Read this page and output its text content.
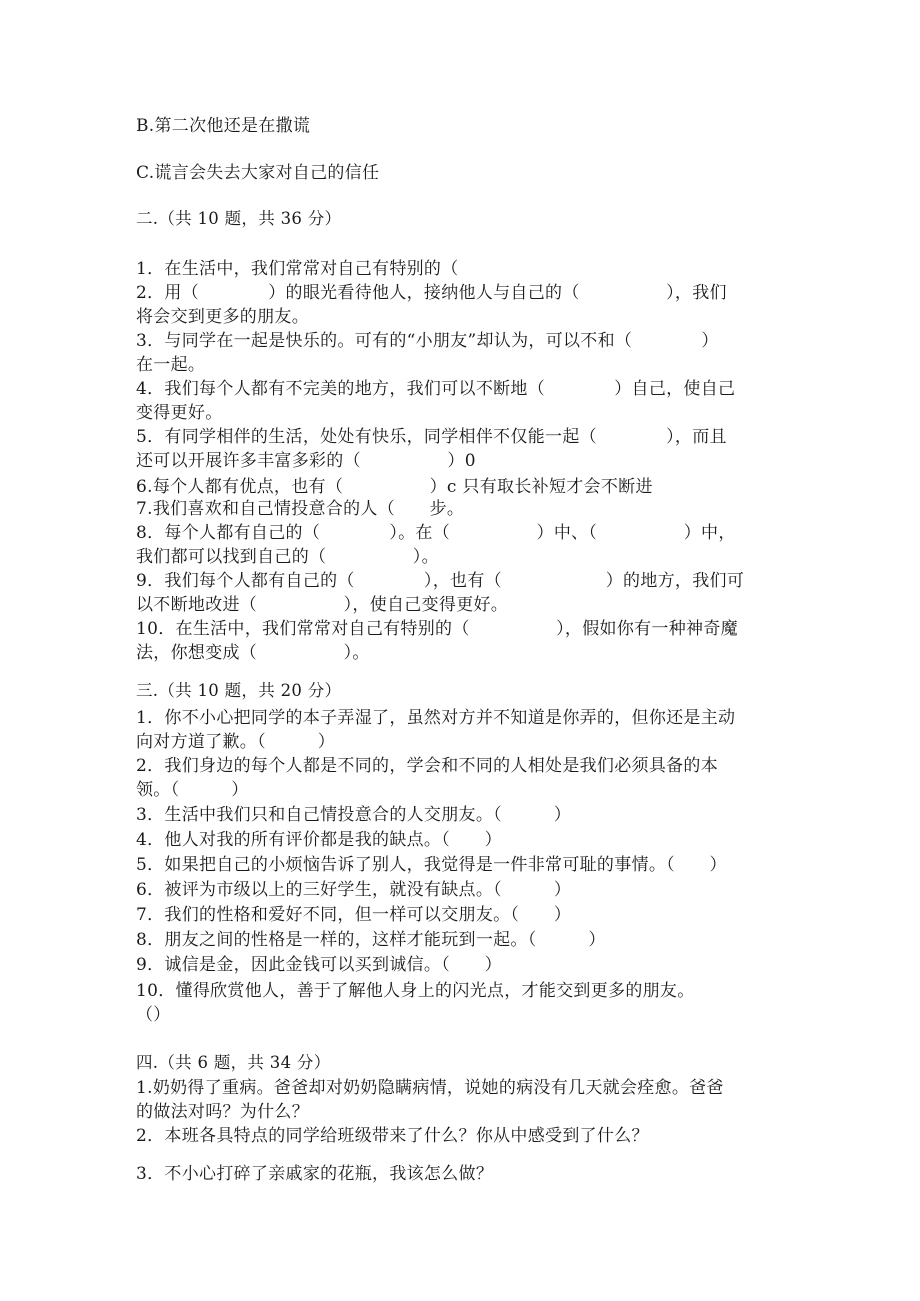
B.第二次他还是在撒谎
C.谎言会失去大家对自己的信任
二.（共 10 题，共 36 分）
1．在生活中，我们常常对自己有特别的（
2．用（　　　　）的眼光看待他人，接纳他人与自己的（　　　　　），我们
将会交到更多的朋友。
3．与同学在一起是快乐的。可有的“小朋友”却认为，可以不和（　　　　）
在一起。
4．我们每个人都有不完美的地方，我们可以不断地（　　　　）自己，使自己
变得更好。
5．有同学相伴的生活，处处有快乐，同学相伴不仅能一起（　　　　），而且
还可以开展许多丰富多彩的（　　　　　）0
6.每个人都有优点，也有（　　　　　）c 只有取长补短才会不断进
7.我们喜欢和自己情投意合的人（　　步。
8．每个人都有自己的（　　　　）。在（　　　　　）中、（　　　　　）中，
我们都可以找到自己的（　　　　　）。
9．我们每个人都有自己的（　　　　），也有（　　　　　　）的地方，我们可
以不断地改进（　　　　　），使自己变得更好。
10．在生活中，我们常常对自己有特别的（　　　　　），假如你有一种神奇魔
法，你想变成（　　　　　）。
三.（共 10 题，共 20 分）
1．你不小心把同学的本子弄湿了，虽然对方并不知道是你弄的，但你还是主动
向对方道了歉。（　　　）
2．我们身边的每个人都是不同的，学会和不同的人相处是我们必须具备的本
领。（　　　）
3．生活中我们只和自己情投意合的人交朋友。（　　　）
4．他人对我的所有评价都是我的缺点。（　　）
5．如果把自己的小烦恼告诉了别人，我觉得是一件非常可耻的事情。（　　）
6．被评为市级以上的三好学生，就没有缺点。（　　　）
7．我们的性格和爱好不同，但一样可以交朋友。（　　）
8．朋友之间的性格是一样的，这样才能玩到一起。（　　　）
9．诚信是金，因此金钱可以买到诚信。（　　）
10．懂得欣赏他人，善于了解他人身上的闪光点，才能交到更多的朋友。
（）
四.（共 6 题，共 34 分）
1.奶奶得了重病。爸爸却对奶奶隐瞒病情，说她的病没有几天就会痊愈。爸爸
的做法对吗？为什么？
2．本班各具特点的同学给班级带来了什么？你从中感受到了什么？
3．不小心打碎了亲戚家的花瓶，我该怎么做？
